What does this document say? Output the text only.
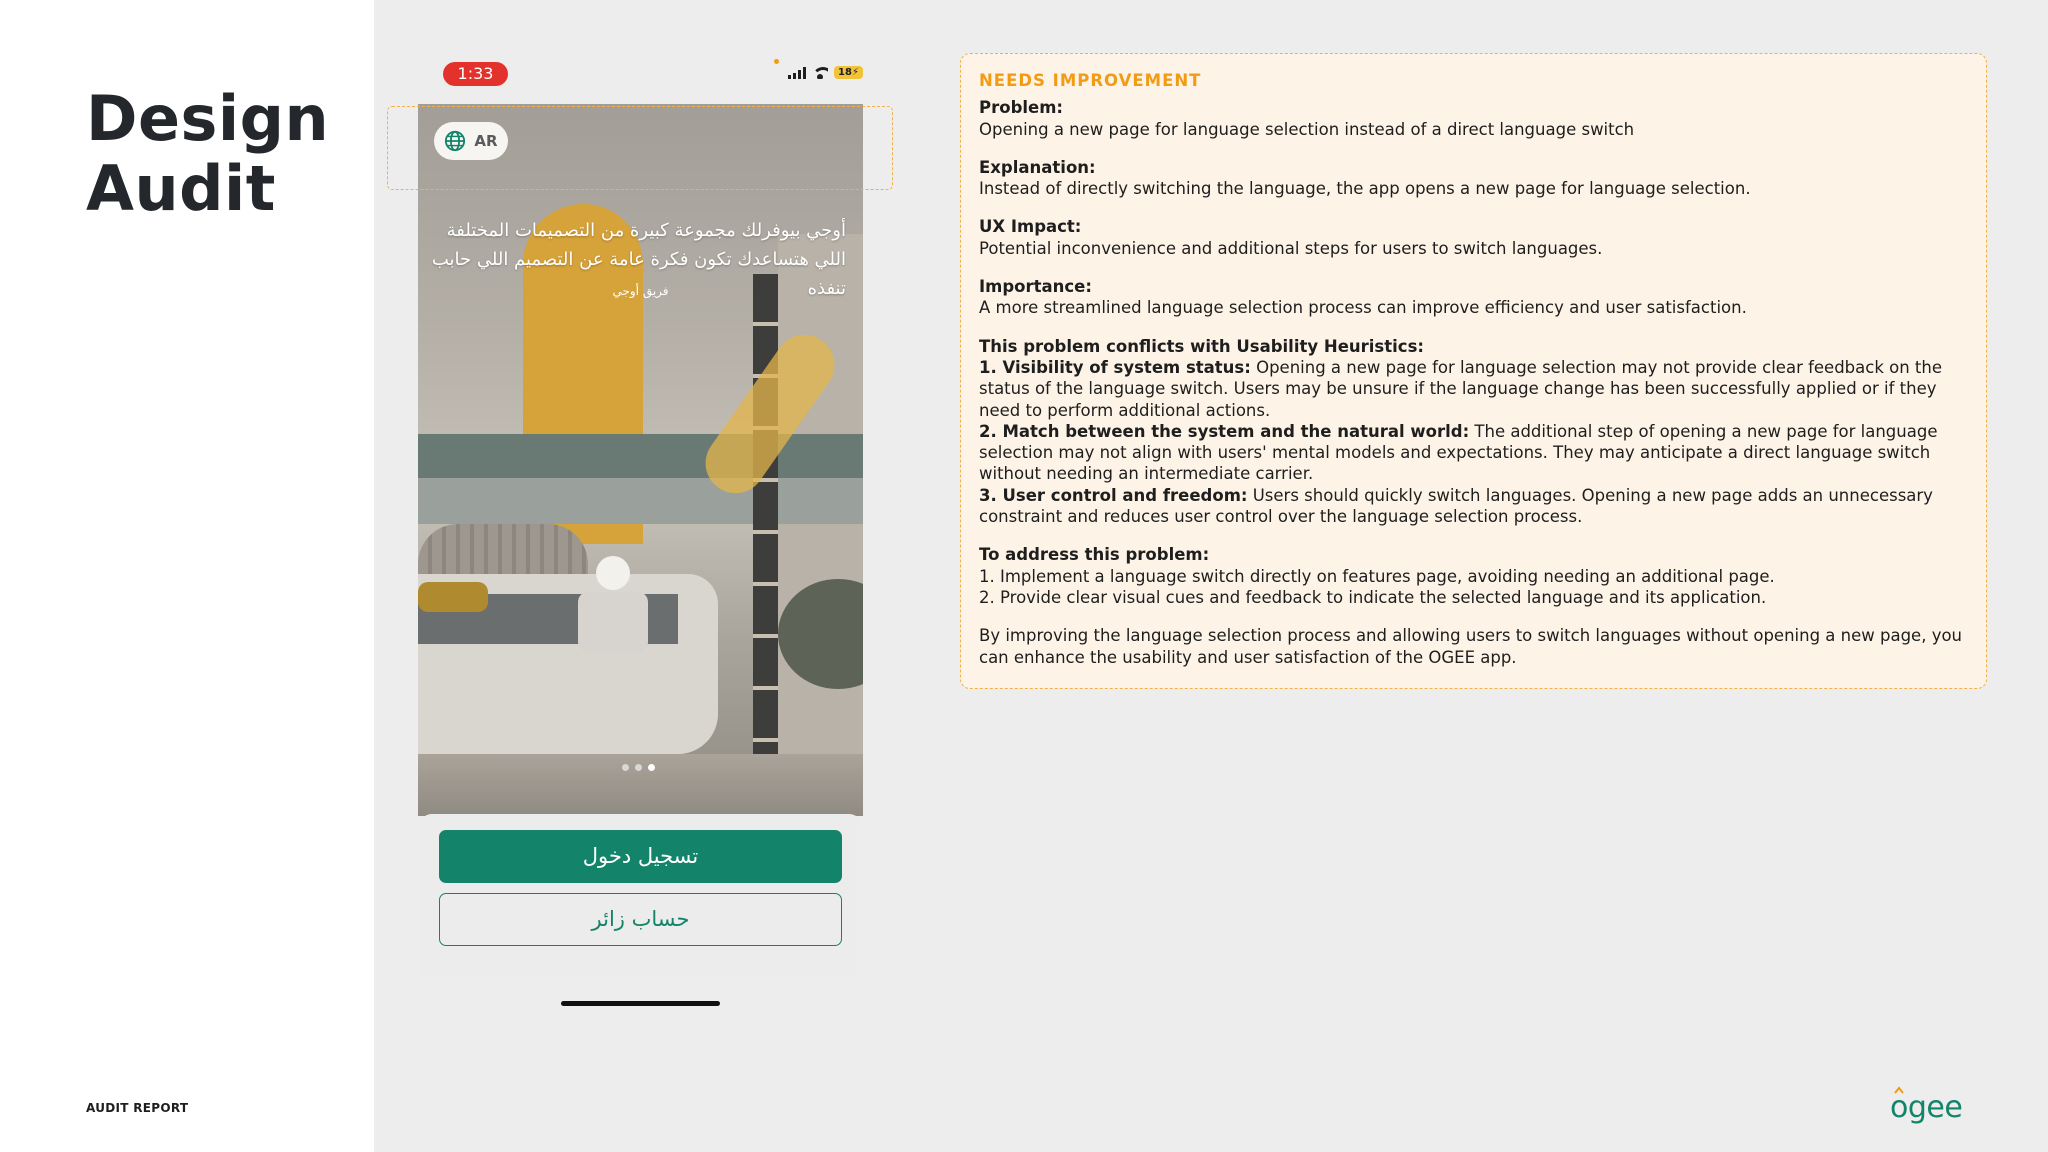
Design
Audit
AUDIT REPORT
1:33	18⚡
AR
أوجي بيوفرلك مجموعة كبيرة من التصميمات المختلفة اللي هتساعدك تكون فكرة عامة عن التصميم اللي حابب تنفذه
فريق أوجي
تسجيل دخول
حساب زائر
NEEDS IMPROVEMENT
Problem:
Opening a new page for language selection instead of a direct language switch
Explanation:
Instead of directly switching the language, the app opens a new page for language selection.
UX Impact:
Potential inconvenience and additional steps for users to switch languages.
Importance:
A more streamlined language selection process can improve efficiency and user satisfaction.
This problem conflicts with Usability Heuristics:
1. Visibility of system status: Opening a new page for language selection may not provide clear feedback on the status of the language switch. Users may be unsure if the language change has been successfully applied or if they need to perform additional actions.
2. Match between the system and the natural world: The additional step of opening a new page for language selection may not align with users' mental models and expectations. They may anticipate a direct language switch without needing an intermediate carrier.
3. User control and freedom: Users should quickly switch languages. Opening a new page adds an unnecessary constraint and reduces user control over the language selection process.
To address this problem:
1. Implement a language switch directly on features page, avoiding needing an additional page.
2. Provide clear visual cues and feedback to indicate the selected language and its application.
By improving the language selection process and allowing users to switch languages without opening a new page, you can enhance the usability and user satisfaction of the OGEE app.
ogee
